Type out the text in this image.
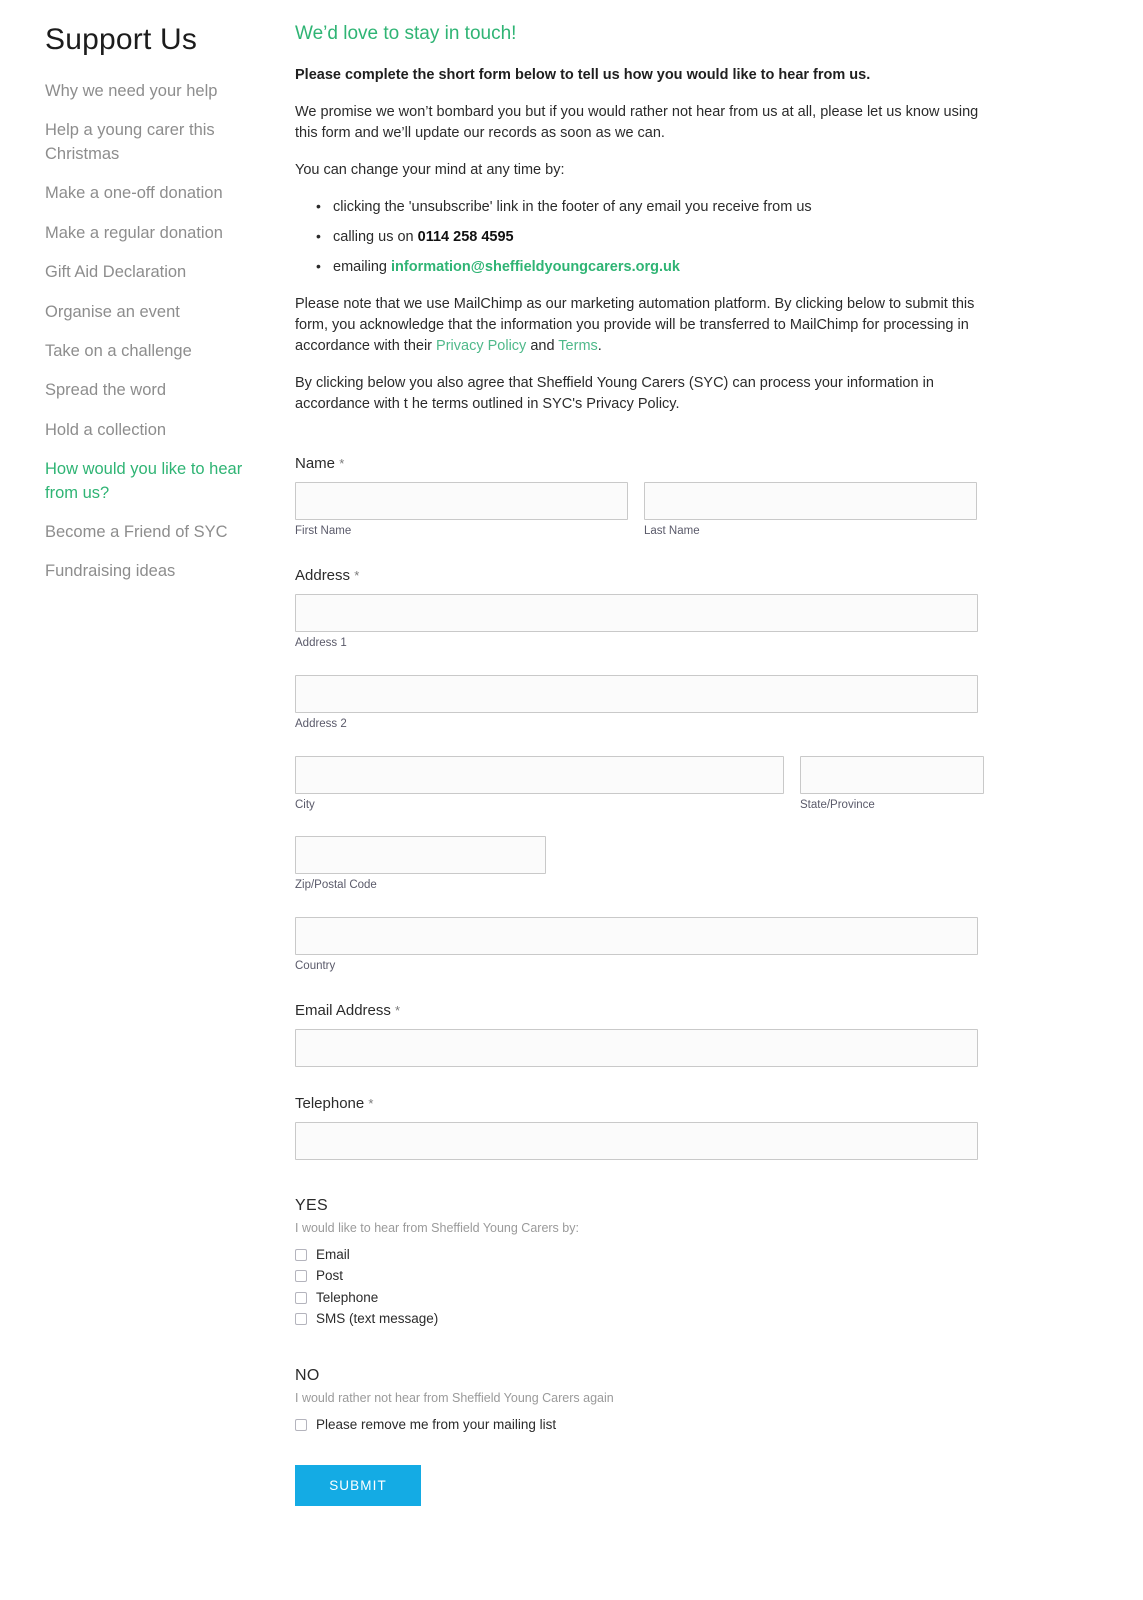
Support Us
Why we need your help
Help a young carer this Christmas
Make a one-off donation
Make a regular donation
Gift Aid Declaration
Organise an event
Take on a challenge
Spread the word
Hold a collection
How would you like to hear from us?
Become a Friend of SYC
Fundraising ideas
We’d love to stay in touch!

Please complete the short form below to tell us how you would like to hear from us.

We promise we won’t bombard you but if you would rather not hear from us at all, please let us know using this form and we’ll update our records as soon as we can.

You can change your mind at any time by:

• clicking the 'unsubscribe' link in the footer of any email you receive from us
• calling us on 0114 258 4595
• emailing information@sheffieldyoungcarers.org.uk

Please note that we use MailChimp as our marketing automation platform. By clicking below to submit this form, you acknowledge that the information you provide will be transferred to MailChimp for processing in accordance with their Privacy Policy and Terms.

By clicking below you also agree that Sheffield Young Carers (SYC) can process your information in accordance with t he terms outlined in SYC's Privacy Policy.

Name *
First Name	Last Name
Address *
Address 1
Address 2
City	State/Province
Zip/Postal Code
Country
Email Address *
Telephone *
YES
I would like to hear from Sheffield Young Carers by:
Email
Post
Telephone
SMS (text message)
NO
I would rather not hear from Sheffield Young Carers again
Please remove me from your mailing list
SUBMIT
